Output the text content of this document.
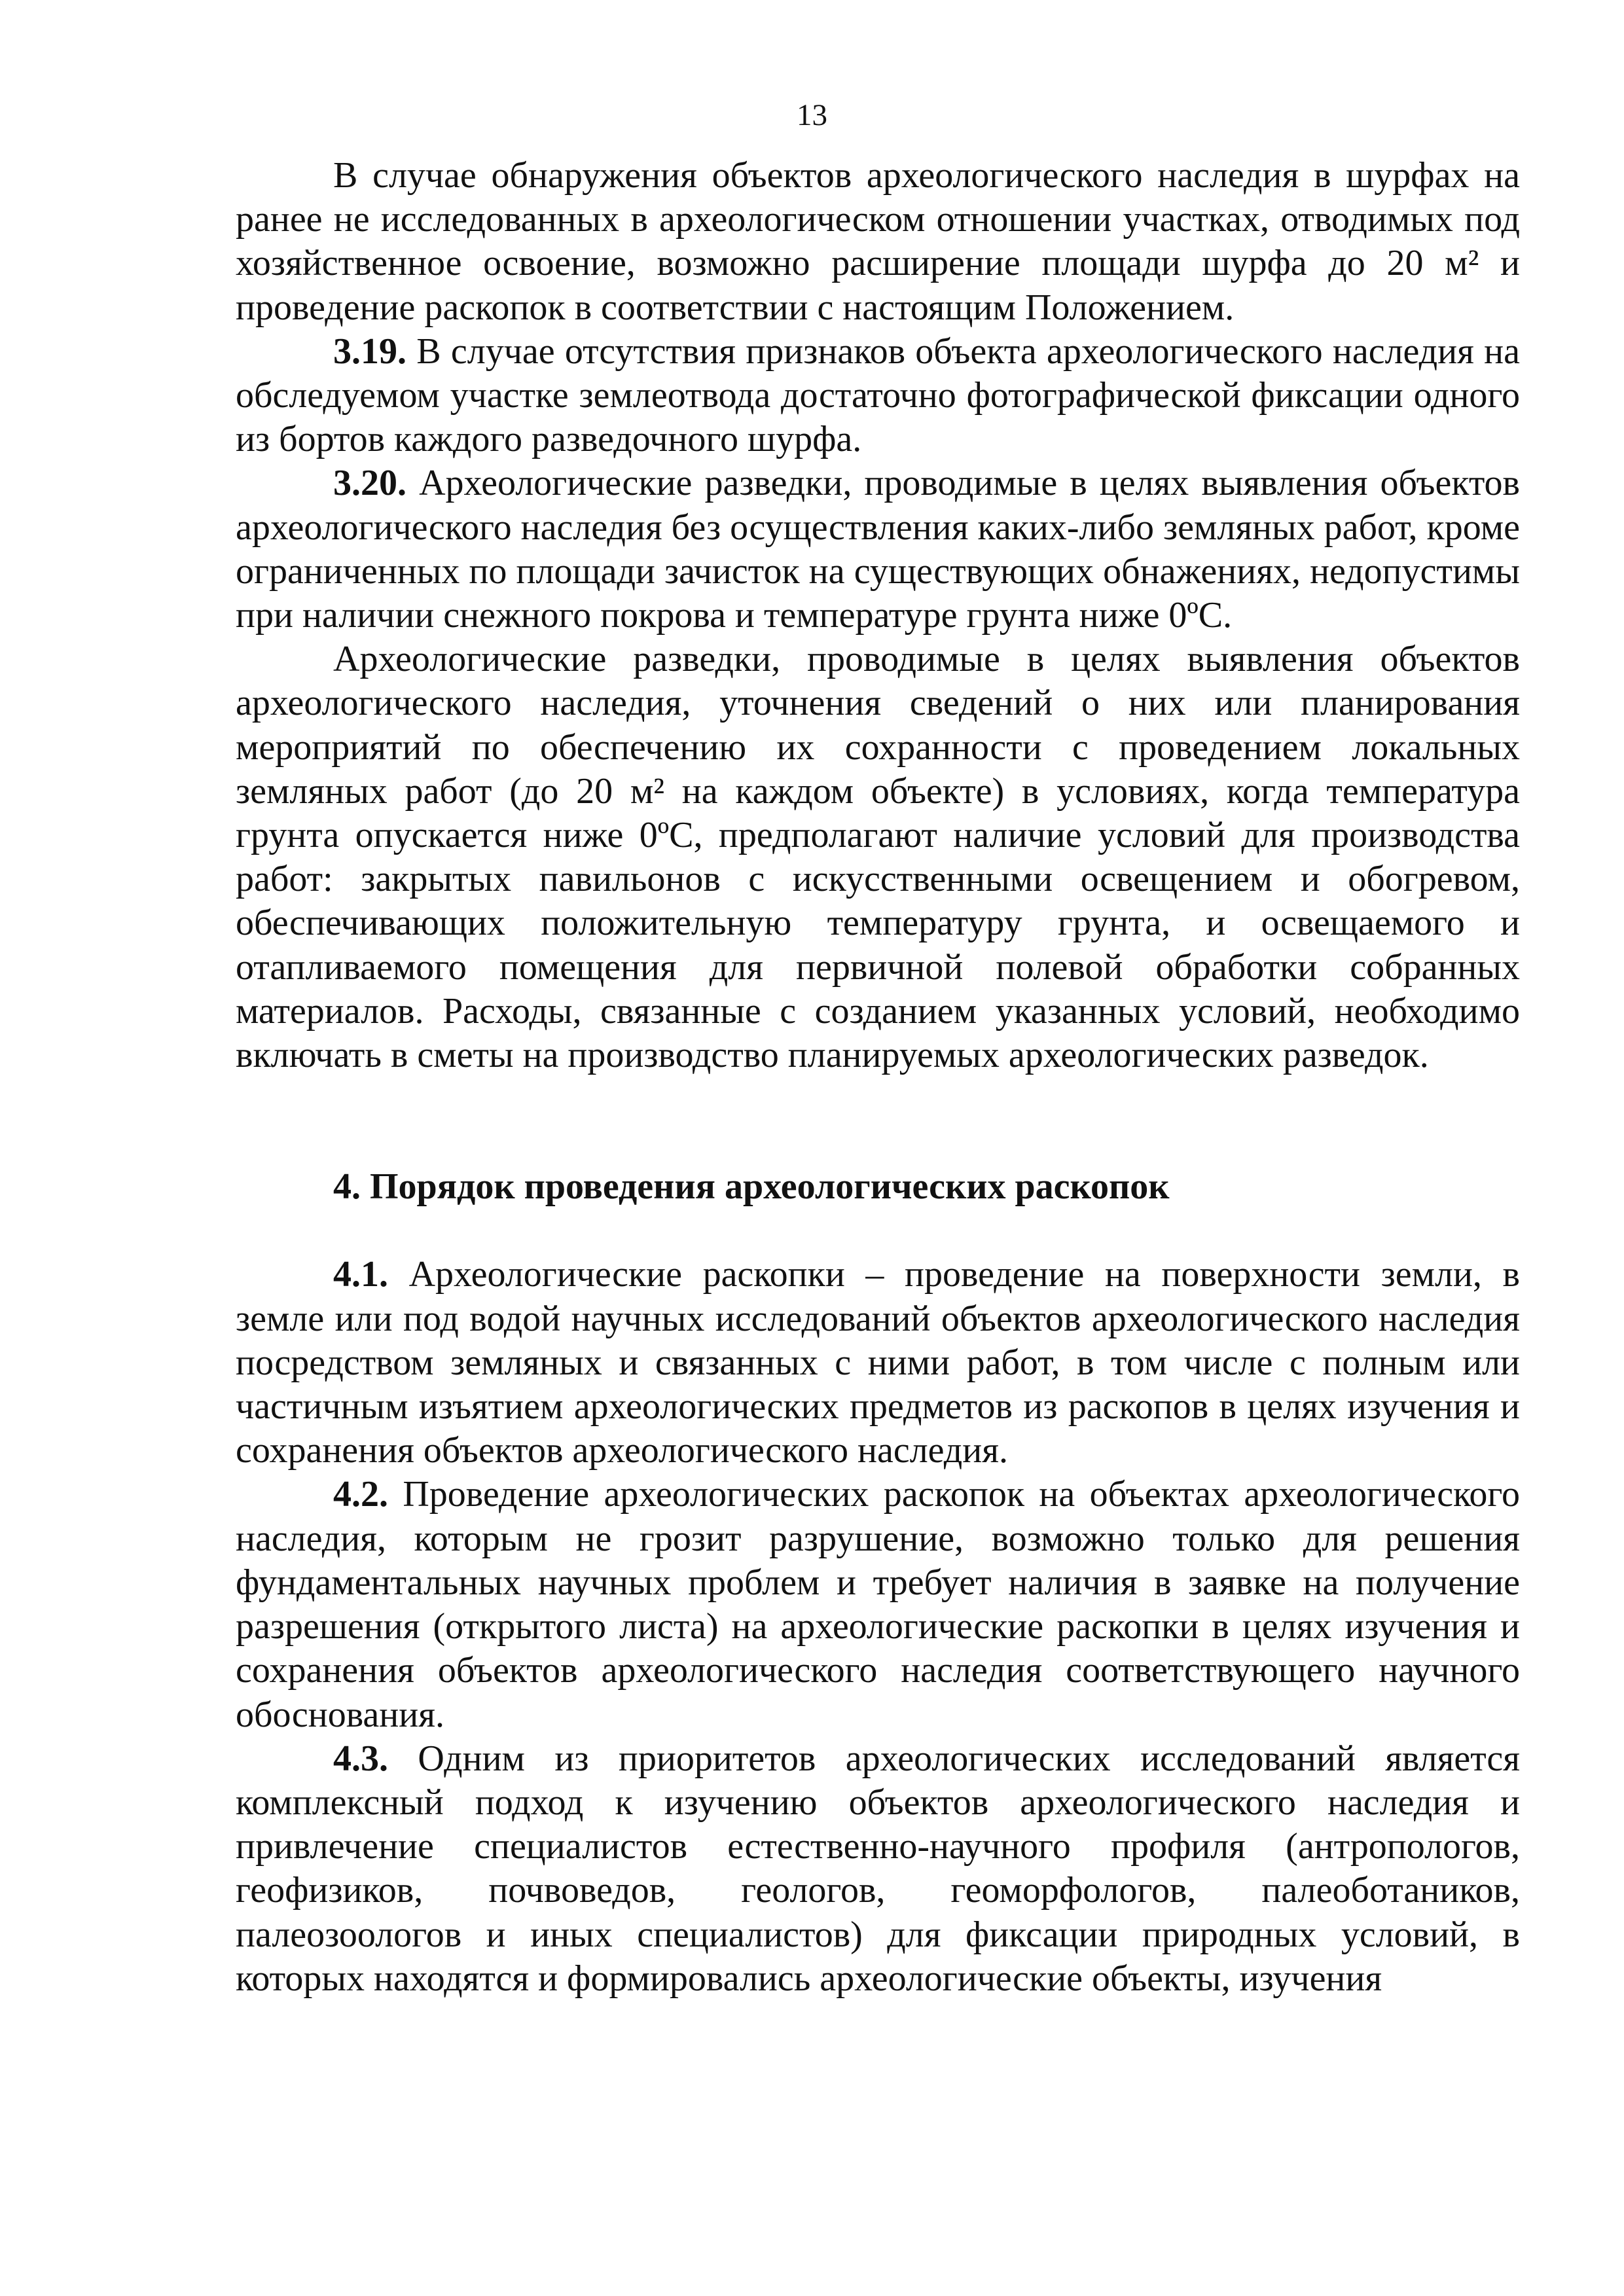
13

В случае обнаружения объектов археологического наследия в шурфах на ранее не исследованных в археологическом отношении участках, отводимых под хозяйственное освоение, возможно расширение площади шурфа до 20 м² и проведение раскопок в соответствии с настоящим Положением.

3.19. В случае отсутствия признаков объекта археологического наследия на обследуемом участке землеотвода достаточно фотографической фиксации одного из бортов каждого разведочного шурфа.

3.20. Археологические разведки, проводимые в целях выявления объектов археологического наследия без осуществления каких-либо земляных работ, кроме ограниченных по площади зачисток на существующих обнажениях, недопустимы при наличии снежного покрова и температуре грунта ниже 0ºС.

Археологические разведки, проводимые в целях выявления объектов археологического наследия, уточнения сведений о них или планирования мероприятий по обеспечению их сохранности с проведением локальных земляных работ (до 20 м² на каждом объекте) в условиях, когда температура грунта опускается ниже 0ºС, предполагают наличие условий для производства работ: закрытых павильонов с искусственными освещением и обогревом, обеспечивающих положительную температуру грунта, и освещаемого и отапливаемого помещения для первичной полевой обработки собранных материалов. Расходы, связанные с созданием указанных условий, необходимо включать в сметы на производство планируемых археологических разведок.

4. Порядок проведения археологических раскопок

4.1. Археологические раскопки – проведение на поверхности земли, в земле или под водой научных исследований объектов археологического наследия посредством земляных и связанных с ними работ, в том числе с полным или частичным изъятием археологических предметов из раскопов в целях изучения и сохранения объектов археологического наследия.

4.2. Проведение археологических раскопок на объектах археологического наследия, которым не грозит разрушение, возможно только для решения фундаментальных научных проблем и требует наличия в заявке на получение разрешения (открытого листа) на археологические раскопки в целях изучения и сохранения объектов археологического наследия соответствующего научного обоснования.

4.3. Одним из приоритетов археологических исследований является комплексный подход к изучению объектов археологического наследия и привлечение специалистов естественно-научного профиля (антропологов, геофизиков, почвоведов, геологов, геоморфологов, палеоботаников, палеозоологов и иных специалистов) для фиксации природных условий, в которых находятся и формировались археологические объекты, изучения
